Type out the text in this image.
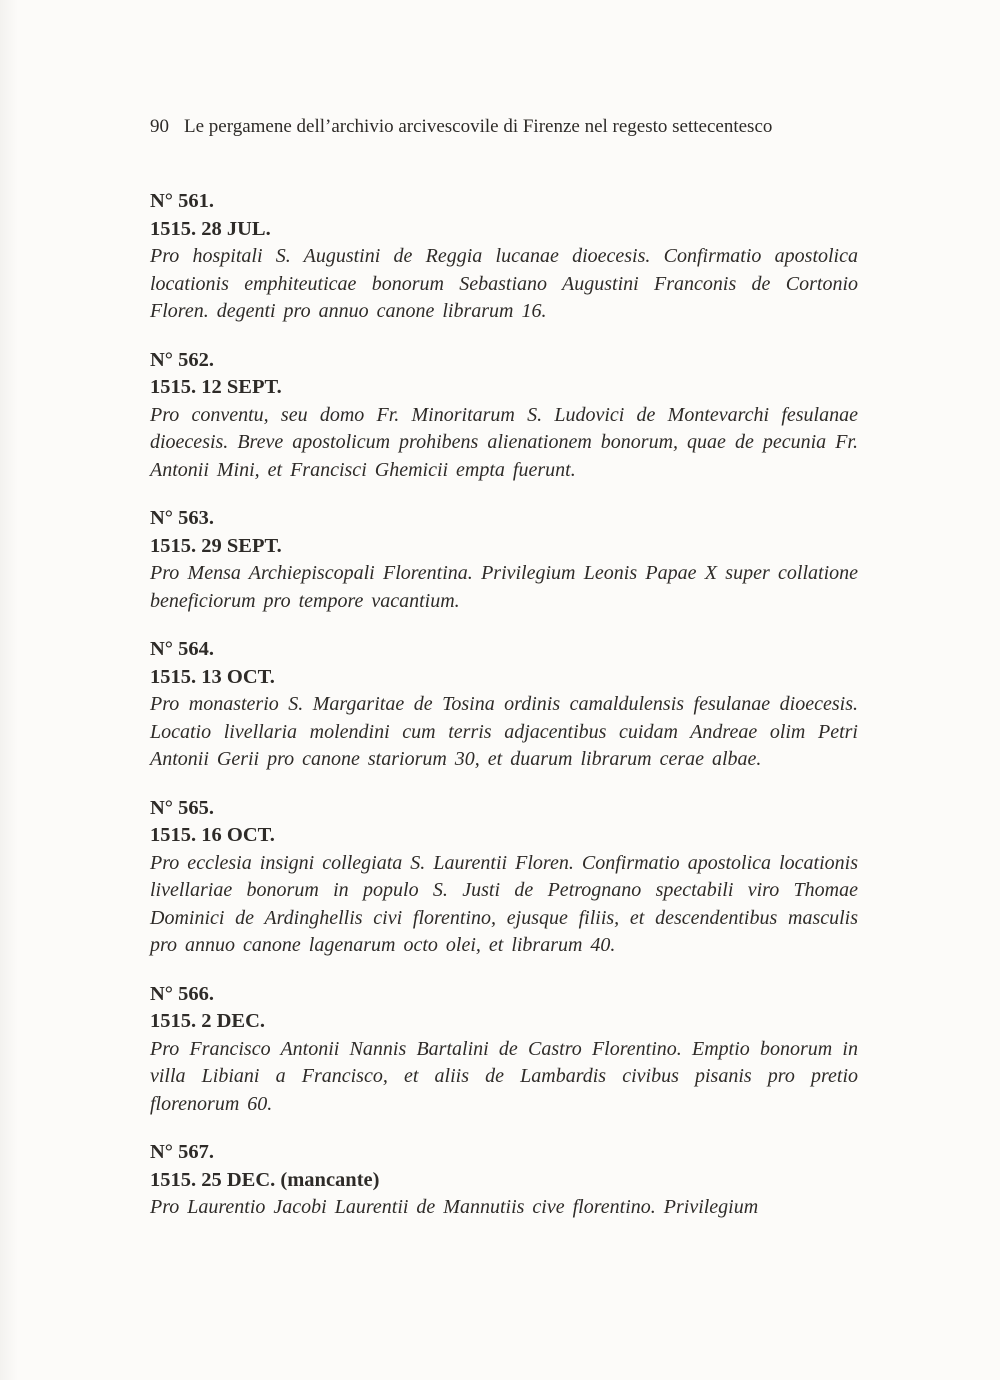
90 Le pergamene dell’archivio arcivescovile di Firenze nel regesto settecentesco
N° 561.
1515. 28 JUL.

Pro hospitali S. Augustini de Reggia lucanae dioecesis. Confirmatio apostolica locationis emphiteuticae bonorum Sebastiano Augustini Franconis de Cortonio Floren. degenti pro annuo canone librarum 16.

N° 562.
1515. 12 SEPT.

Pro conventu, seu domo Fr. Minoritarum S. Ludovici de Montevarchi fesulanae dioecesis. Breve apostolicum prohibens alienationem bonorum, quae de pecunia Fr. Antonii Mini, et Francisci Ghemicii empta fuerunt.

N° 563.
1515. 29 SEPT.

Pro Mensa Archiepiscopali Florentina. Privilegium Leonis Papae X super collatione beneficiorum pro tempore vacantium.

N° 564.
1515. 13 OCT.

Pro monasterio S. Margaritae de Tosina ordinis camaldulensis fesulanae dioecesis. Locatio livellaria molendini cum terris adjacentibus cuidam Andreae olim Petri Antonii Gerii pro canone stariorum 30, et duarum librarum cerae albae.

N° 565.
1515. 16 OCT.

Pro ecclesia insigni collegiata S. Laurentii Floren. Confirmatio apostolica locationis livellariae bonorum in populo S. Justi de Petrognano spectabili viro Thomae Dominici de Ardinghellis civi florentino, ejusque filiis, et descendentibus masculis pro annuo canone lagenarum octo olei, et librarum 40.

N° 566.
1515. 2 DEC.

Pro Francisco Antonii Nannis Bartalini de Castro Florentino. Emptio bonorum in villa Libiani a Francisco, et aliis de Lambardis civibus pisanis pro pretio florenorum 60.

N° 567.
1515. 25 DEC. (mancante)

Pro Laurentio Jacobi Laurentii de Mannutiis cive florentino. Privilegium
